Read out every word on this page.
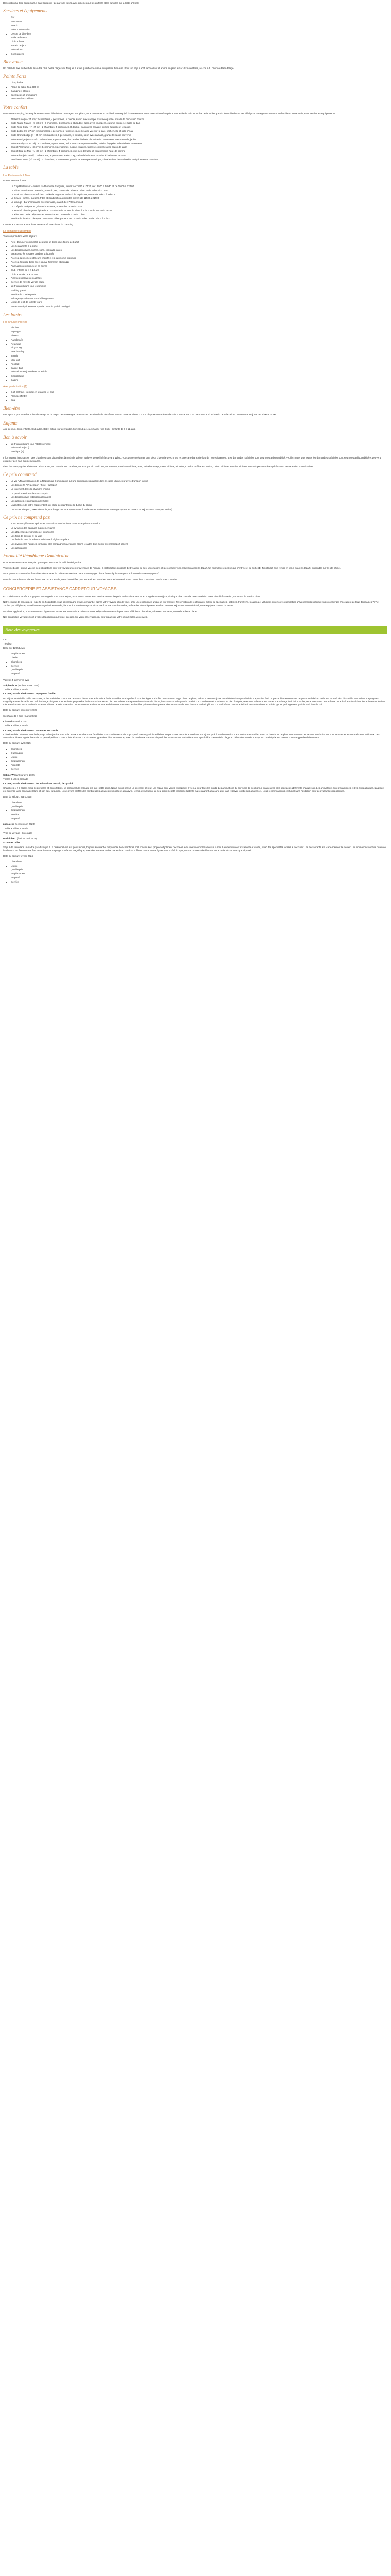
Description Le Cap camping/ Le Cap Camping / Le parc de loisirs avec piscine pour les enfants et les familles sur la Côte d'Opale
Services et équipements
• Bar
• Restaurant
• Snack
• Point d'information
• Centre de bien-être
• Salle de fitness
• Club enfants
• Terrain de jeux
• Animations
• Conciergerie
Bienvenue

Un hôtel de luxe au bord de l'eau des plus belles plages du Touquet. La vie quotidienne arrive au quartier bien-être. Pour un séjour actif, accueillant et animé en plein air à 10 km de Paris, au cœur du Touquet-Paris-Plage.

Points Forts
• Cinq étoiles
• Plage de sable fin à 800 m
• Camping 4 étoiles
• Spectacles et animations
• Personnel accueillant
Votre confort

Dans notre camping, les emplacements sont délimités et ombragés. Sur place, vous trouverez un mobile-home équipé d'une terrasse, avec une cuisine équipée et une salle de bain. Pour les petits et les grands, le mobile-home est idéal pour partager un moment en famille ou entre amis, sans oublier les équipements.

• Atelier Suite (+/- 27 m²) : 2 chambres, 4 personnes, lit double, salon avec canapé, cuisine équipée et salle de bain avec douche
• Suite Taupe Palace (+/- 30 m²) : 3 chambres, 6 personnes, lit double, salon avec canapé-lit, cuisine équipée et salle de bain
• Suite Terre Cosy (+/- 27 m²) : 2 chambres, 4 personnes, lit double, salon avec canapé, cuisine équipée et terrasse
• Suite Lodge (+/- 27 m²) : 2 chambres, 4 personnes, terrasse couverte avec vue sur le parc, kitchenette et salle d'eau
• Suite Grand Lodge (+/- 35 m²) : 3 chambres, 6 personnes, lit double, salon avec canapé, grande terrasse couverte
• Suite Prestige (+/- 40 m²) : 3 chambres, 6 personnes, deux salles de bain, climatisation et terrasse avec salon de jardin
• Suite Family (+/- 36 m²) : 3 chambres, 6 personnes, salon avec canapé convertible, cuisine équipée, salle de bain et terrasse
• Chalet Premium (+/- 36 m²) : 3 chambres, 6 personnes, cuisine équipée, terrasse couverte avec salon de jardin
• Chalet Bord de Mer (+/- 32 m²) : 2 chambres, 4 personnes, vue mer, terrasse et équipements haut de gamme
• Suite Eden (+/- 38 m²) : 3 chambres, 6 personnes, salon cosy, salle de bain avec douche à l'italienne, terrasse
• Penthouse Suite (+/- 45 m²) : 3 chambres, 6 personnes, grande terrasse panoramique, climatisation, lave-vaisselle et équipements premium
La table
Les Restaurants & Bars

Ils sont ouverts à tous :

• Le Cap Restaurant - cuisine traditionnelle française, ouvert de 7h30 à 10h30, de 12h00 à 14h30 et de 19h00 à 22h00
• Le Bistro - cuisine de brasserie, plats du jour, ouvert de 12h00 à 14h30 et de 19h00 à 21h30
• Le Pool Bar - boissons fraîches, cocktails et glaces au bord de la piscine, ouvert de 10h00 à 19h00
• Le Snack - pizzas, burgers, frites et sandwichs à emporter, ouvert de 11h30 à 21h00
• Le Lounge - bar d'ambiance avec terrasse, ouvert de 17h00 à minuit
• La Crêperie - crêpes et galettes bretonnes, ouvert de 15h00 à 22h00
• Le Marché - boulangerie, épicerie et produits frais, ouvert de 7h00 à 12h00 et de 16h00 à 19h00
• Le Kiosque - petits déjeuners et viennoiseries, ouvert de 7h30 à 11h00
• Service de livraison de repas dans votre hébergement, de 12h00 à 14h00 et de 19h00 à 21h00

L'accès aux restaurants et bars est réservé aux clients du camping.

Le domaine tout compris

Tout compris dans votre séjour :

• Petit-déjeuner continental, déjeuner et dîner sous forme de buffet
• Les restaurants à la carte
• Les boissons (vins, bières, softs, cocktails, cafés)
• Encas sucrés et salés pendant la journée
• Accès à la piscine extérieure chauffée et à la piscine intérieure
• Accès à l'espace bien-être : sauna, hammam et jacuzzi
• Animations en journée et en soirée
• Club enfants de 4 à 12 ans
• Club ados de 13 à 17 ans
• Activités sportives encadrées
• Service de navette vers la plage
• Wi-Fi gratuit dans tout le domaine
• Parking gratuit
• Service de conciergerie
• Ménage quotidien de votre hébergement
• Linge de lit et de toilette fourni
• Accès aux équipements sportifs : tennis, padel, mini-golf
Les loisirs
Les activités incluses
• Piscine
• Aquagym
• Fitness
• Randonnée
• Pétanque
• Ping-pong
• Beach-volley
• Tennis
• Mini-golf
• Football
• Basket-ball
• Animations en journée et en soirée
• Discothèque
• Casino
Avec participation ($)
• Golf 18 trous - remise en jeu avec le club
• Plongée (PADI)
• Spa
Bien-être

Le Cap Spa propose des soins du visage et du corps, des massages relaxants et des rituels de bien-être dans un cadre apaisant. Le spa dispose de cabines de soin, d'un sauna, d'un hammam et d'un bassin de relaxation. Ouvert tous les jours de 9h00 à 20h00.

Enfants

Aire de jeux, Club enfants, Club ados, Baby-sitting (sur demande), Mini-Club de 4 à 12 ans, Kids Club - Enfants de 6 à 11 ans.

Bon à savoir
• Wi-Fi gratuit dans tout l'établissement
• Réservation (RC)
• Boutique (S)

Informations importantes : Les chambres sont disponibles à partir de 15h00, et doivent être libérées avant 11h00. Vous devez présenter une pièce d'identité avec photo et une carte bancaire lors de l'enregistrement. Les demandes spéciales sont soumises à disponibilité. Veuillez noter que toutes les demandes spéciales sont soumises à disponibilité et peuvent entraîner des frais supplémentaires.

Liste des compagnies aériennes : Air France, Air Canada, Air Caraïbes, Air Europa, Air Tahiti Nui, Air Transat, American Airlines, ALIA, British Airways, Delta Airlines, Air Blue, Condor, Lufthansa, Swiss, United Airlines, Austrian Airlines. Les vols peuvent être opérés avec escale selon la destination.

Ce prix comprend
• Le vol A/R à destination de la République Dominicaine sur une compagnie régulière dans le cadre d'un séjour avec transport inclus
• Les transferts A/R aéroport / hôtel / aéroport
• Le logement dans la chambre choisie
• La pension en formule tout compris
• Les boissons (vin et boissons locales)
• Les activités et animations de l'hôtel
• L'assistance de notre représentant sur place pendant toute la durée du séjour
• Les taxes aéroport, taxes de sortie, surcharge carburant (soumises à variation) et redevances passagers (dans le cadre d'un séjour avec transport aérien)
Ce prix ne comprend pas
• Tous les suppléments, options et prestations non incluses dans « ce prix comprend »
• La livraison des bagages supplémentaires
• Les dépenses personnelles et pourboires
• Les frais de dossier et de visa
• Les frais de taxe de séjour touristique à régler sur place
• Les éventuelles hausses carburant des compagnies aériennes (dans le cadre d'un séjour avec transport aérien)
• Les assurances
Formalité République Dominicaine

Pour les ressortissants français : passeport en cours de validité obligatoire.

Visite médicale : aucun vaccin n'est obligatoire pour les voyageurs en provenance de France. Il est toutefois conseillé d'être à jour de ses vaccinations et de consulter son médecin avant le départ. Un formulaire électronique d'entrée et de sortie (E-Ticket) doit être rempli en ligne avant le départ, disponible sur le site officiel.

Vous pouvez consulter les formalités de santé et de police nécessaires pour votre voyage : https://www.diplomatie.gouv.fr/fr/conseils-aux-voyageurs/

Dans le cadre d'un vol via les États-Unis ou le Canada, merci de vérifier que le transit est autorisé. Aucune intervention ne pourra être contrainte dans le cas contraire.

CONCIERGERIE ET ASSISTANCE CARREFOUR VOYAGES

En choisissant Carrefour Voyages Conciergerie pour votre séjour, vous aurez accès à un service de conciergerie et d'assistance tout au long de votre séjour, ainsi que des conseils personnalisés. Pour plus d'information, contactez le service client.

Notre équipe de concierges, experte en hospitalité, vous accompagne avant, pendant et après votre voyage afin de vous offrir une expérience unique et sur mesure. Réservation de restaurants, billets de spectacles, activités, transferts, location de véhicules ou encore organisation d'événements spéciaux : nos concierges s'occupent de tout. Joignables 7j/7 et 24h/24 par téléphone, e-mail ou messagerie instantanée, ils sont à votre écoute pour répondre à toutes vos demandes, même les plus originales. Profitez de votre séjour en toute sérénité, notre équipe s'occupe du reste.

Ma visite application, vous retrouverez également toutes les informations utiles sur votre séjour directement depuis votre téléphone : horaires, adresses, contacts, conseils et bons plans.

Nos conseillers voyages sont à votre disposition pour toute question sur votre réservation ou pour organiser votre séjour selon vos envies.

Note des voyageurs

4.6

Très bon

Basé sur 12954 Avis

• Emplacement
• Literie
• Chambres
• Service
• Qualité/prix
• Propreté

Voté les 5 dernières avis

Stéphanie B (avril sur mars 2025)

Thalès & Villes, Canada

Ce que j'aurais aimé savoir : voyage en famille

Un séjour inoubliable. Ni le personnel, ni la qualité des chambres ne m'ont déçue. Les animations étaient variées et adaptées à tous les âges. Le buffet proposait un large choix de plats, même si certains jours la variété était un peu limitée. La piscine était propre et bien entretenue. Le personnel de l'accueil s'est montré très disponible et souriant. La plage est magnifique mais le sable est parfois chargé d'algues. Les activités proposées étaient nombreuses et bien encadrées. Le spa mérite vraiment le détour, les soins sont de grande qualité. La chambre était spacieuse et bien équipée, avec une belle vue sur la mer. Le ménage était fait tous les jours avec soin. Les enfants ont adoré le mini-club et les animateurs étaient très attentionnés. Nous reviendrons sans hésiter l'année prochaine. Je recommande vivement cet établissement à toutes les familles qui souhaitent passer des vacances de rêve dans un cadre idyllique. Le seul bémol concerne le bruit des animations en soirée qui se prolongeaient parfois tard dans la nuit.

Date du séjour : novembre 2025

Stéphanie B a écrit (mars 2025)

Chantal S (avril 2025)

Thalès & Villes, Canada

Ce que j'aurais aimé savoir : vacances en couple

L'hôtel est bien situé sur une belle plage et les jardins sont très beaux. Les chambres familiales sont spacieuses mais la propreté laissait parfois à désirer. Le personnel est très accueillant et toujours prêt à rendre service. La nourriture est variée, avec un bon choix de plats internationaux et locaux. Les boissons sont incluses et les cocktails sont délicieux. Les animations étaient agréables mais un peu répétitives d'une soirée à l'autre. La piscine est grande et bien entretenue, avec de nombreux transats disponibles. Nous avons particulièrement apprécié le calme de la plage en début de matinée. Le rapport qualité-prix est correct pour ce type d'établissement.

Date du séjour : avril 2025

• Chambres
• Qualité/prix
• Literie
• Emplacement
• Propreté
• Service

Sabine W (avril sur avril 2025)

Thalès & Villes, Canada

Ce que j'aurais aimé savoir : les animations du soir, de qualité

Chambres 1 à 2 étoiles mais très propres et confortables, le personnel de ménage est aux petits soins. Nous avons passé un excellent séjour. Les repas sont variés et copieux, il y en a pour tous les goûts. Les animations du soir sont de très bonne qualité avec des spectacles différents chaque soir. Les animateurs sont dynamiques et très sympathiques. La plage est superbe avec son sable blanc et son eau turquoise. Nous avons profité des nombreuses activités proposées : aquagym, tennis, excursions. Le seul point négatif concerne l'attente au restaurant à la carte qu'il faut réserver longtemps à l'avance. Nous recommandons cet hôtel sans hésitation pour des vacances reposantes.

Date du séjour : mars 2025

• Chambres
• Qualité/prix
• Emplacement
• Service
• Propreté

pascale m (écrit en juin 2025)

Thalès & Villes, Canada

Type de voyage : En couple

Rodolphe L (écrit en mai 2025)

+ 2 votes utiles

Séjour de rêve dans un cadre paradisiaque ! Le personnel est aux petits soins, toujours souriant et disponible. Les chambres sont spacieuses, propres et joliment décorées avec une vue imprenable sur la mer. La nourriture est excellente et variée, avec des spécialités locales à découvrir. Les restaurants à la carte méritent le détour. Les animations sont de qualité et l'ambiance est festive sans être envahissante. La plage privée est magnifique, avec des transats et des parasols en nombre suffisant. Nous avons également profité du spa, un vrai moment de détente. Nous reviendrons avec grand plaisir.

Date du séjour : février 2024

• Chambres
• Literie
• Qualité/prix
• Emplacement
• Propreté
• Service
